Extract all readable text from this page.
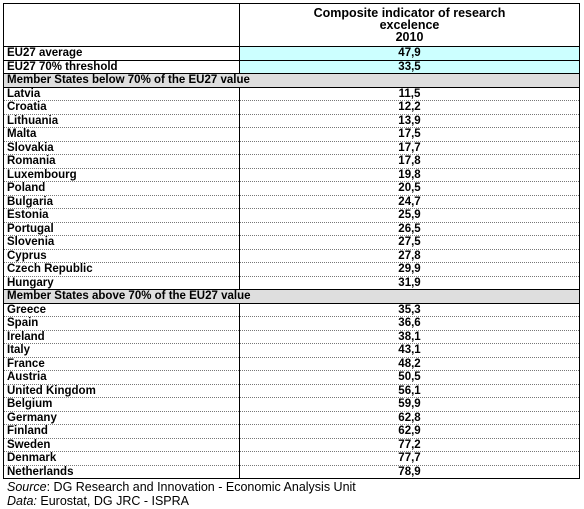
	Composite indicator of research
excelence
2010
EU27 average	47,9
EU27 70% threshold	33,5
Member States below 70% of the EU27 value	
Latvia	11,5
Croatia	12,2
Lithuania	13,9
Malta	17,5
Slovakia	17,7
Romania	17,8
Luxembourg	19,8
Poland	20,5
Bulgaria	24,7
Estonia	25,9
Portugal	26,5
Slovenia	27,5
Cyprus	27,8
Czech Republic	29,9
Hungary	31,9
Member States above 70% of the EU27 value	
Greece	35,3
Spain	36,6
Ireland	38,1
Italy	43,1
France	48,2
Austria	50,5
United Kingdom	56,1
Belgium	59,9
Germany	62,8
Finland	62,9
Sweden	77,2
Denmark	77,7
Netherlands	78,9
Source: DG Research and Innovation - Economic Analysis Unit
Data: Eurostat, DG JRC - ISPRA
